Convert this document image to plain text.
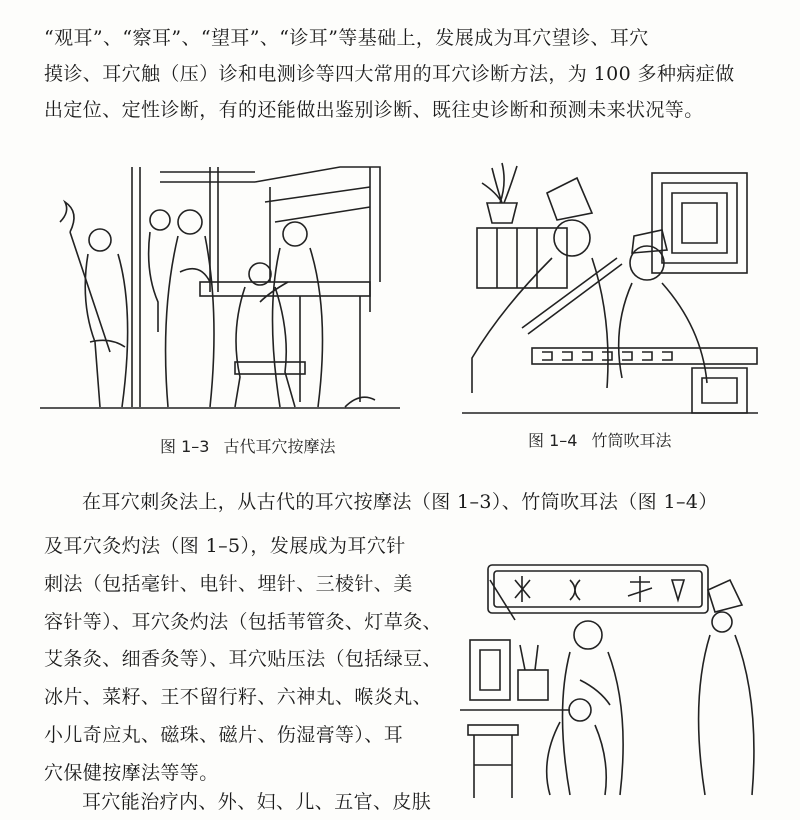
“观耳”、“察耳”、“望耳”、“诊耳”等基础上，发展成为耳穴望诊、耳穴
摸诊、耳穴触（压）诊和电测诊等四大常用的耳穴诊断方法，为 100 多种病症做
出定位、定性诊断，有的还能做出鉴别诊断、既往史诊断和预测未来状况等。
图 1–3 古代耳穴按摩法	图 1–4 竹筒吹耳法
在耳穴刺灸法上，从古代的耳穴按摩法（图 1–3）、竹筒吹耳法（图 1–4）
及耳穴灸灼法（图 1–5），发展成为耳穴针
刺法（包括毫针、电针、埋针、三棱针、美
容针等）、耳穴灸灼法（包括苇管灸、灯草灸、
艾条灸、细香灸等）、耳穴贴压法（包括绿豆、
冰片、菜籽、王不留行籽、六神丸、喉炎丸、
小儿奇应丸、磁珠、磁片、伤湿膏等）、耳
穴保健按摩法等等。
耳穴能治疗内、外、妇、儿、五官、皮肤
